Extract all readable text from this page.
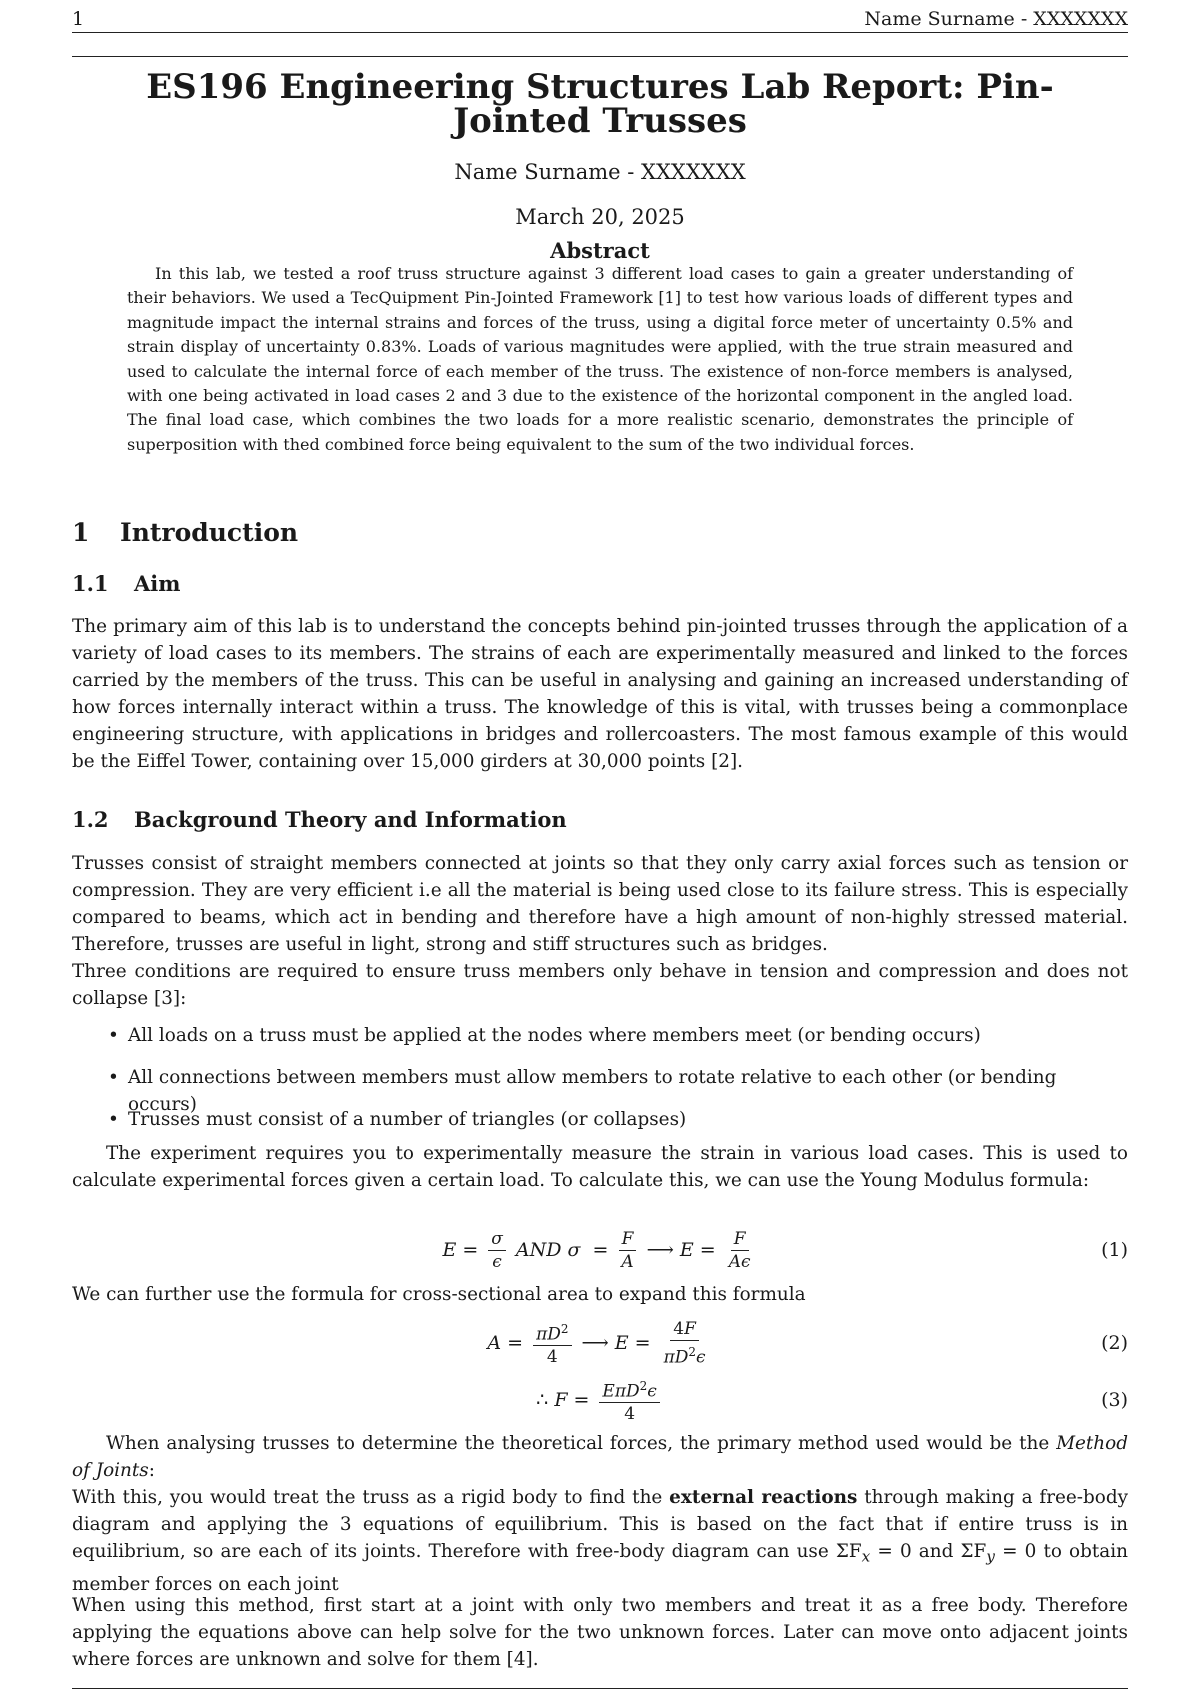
1	Name Surname - XXXXXXX
ES196 Engineering Structures Lab Report: Pin-Jointed Trusses
Name Surname - XXXXXXX
March 20, 2025
Abstract
In this lab, we tested a roof truss structure against 3 different load cases to gain a greater understanding of their behaviors. We used a TecQuipment Pin-Jointed Framework [1] to test how various loads of different types and magnitude impact the internal strains and forces of the truss, using a digital force meter of uncertainty 0.5% and strain display of uncertainty 0.83%. Loads of various magnitudes were applied, with the true strain measured and used to calculate the internal force of each member of the truss. The existence of non-force members is analysed, with one being activated in load cases 2 and 3 due to the existence of the horizontal component in the angled load. The final load case, which combines the two loads for a more realistic scenario, demonstrates the principle of superposition with thed combined force being equivalent to the sum of the two individual forces.
1 Introduction
1.1 Aim
The primary aim of this lab is to understand the concepts behind pin-jointed trusses through the application of a variety of load cases to its members. The strains of each are experimentally measured and linked to the forces carried by the members of the truss. This can be useful in analysing and gaining an increased understanding of how forces internally interact within a truss. The knowledge of this is vital, with trusses being a commonplace engineering structure, with applications in bridges and rollercoasters. The most famous example of this would be the Eiffel Tower, containing over 15,000 girders at 30,000 points [2].
1.2 Background Theory and Information

Trusses consist of straight members connected at joints so that they only carry axial forces such as tension or compression. They are very efficient i.e all the material is being used close to its failure stress. This is especially compared to beams, which act in bending and therefore have a high amount of non-highly stressed material. Therefore, trusses are useful in light, strong and stiff structures such as bridges.

Three conditions are required to ensure truss members only behave in tension and compression and does not collapse [3]:

• All loads on a truss must be applied at the nodes where members meet (or bending occurs)
• All connections between members must allow members to rotate relative to each other (or bending occurs)
• Trusses must consist of a number of triangles (or collapses)
The experiment requires you to experimentally measure the strain in various load cases. This is used to calculate experimental forces given a certain load. To calculate this, we can use the Young Modulus formula:
$E = \frac{\sigma}{\epsilon}$ AND $\sigma = \frac{F}{A}$ ⟶ $E = \frac{F}{A\epsilon}$	(1)
We can further use the formula for cross-sectional area to expand this formula
$A = \frac{\pi D^2}{4}$ ⟶ $E = \frac{4F}{\pi D^2\epsilon}$	(2)
∴ $F = \frac{E\pi D^2\epsilon}{4}$	(3)
When analysing trusses to determine the theoretical forces, the primary method used would be the Method of Joints:
With this, you would treat the truss as a rigid body to find the external reactions through making a free-body diagram and applying the 3 equations of equilibrium. This is based on the fact that if entire truss is in equilibrium, so are each of its joints. Therefore with free-body diagram can use $\Sigma F_x = 0$ and $\Sigma F_y = 0$ to obtain member forces on each joint
When using this method, first start at a joint with only two members and treat it as a free body. Therefore applying the equations above can help solve for the two unknown forces. Later can move onto adjacent joints where forces are unknown and solve for them [4].
